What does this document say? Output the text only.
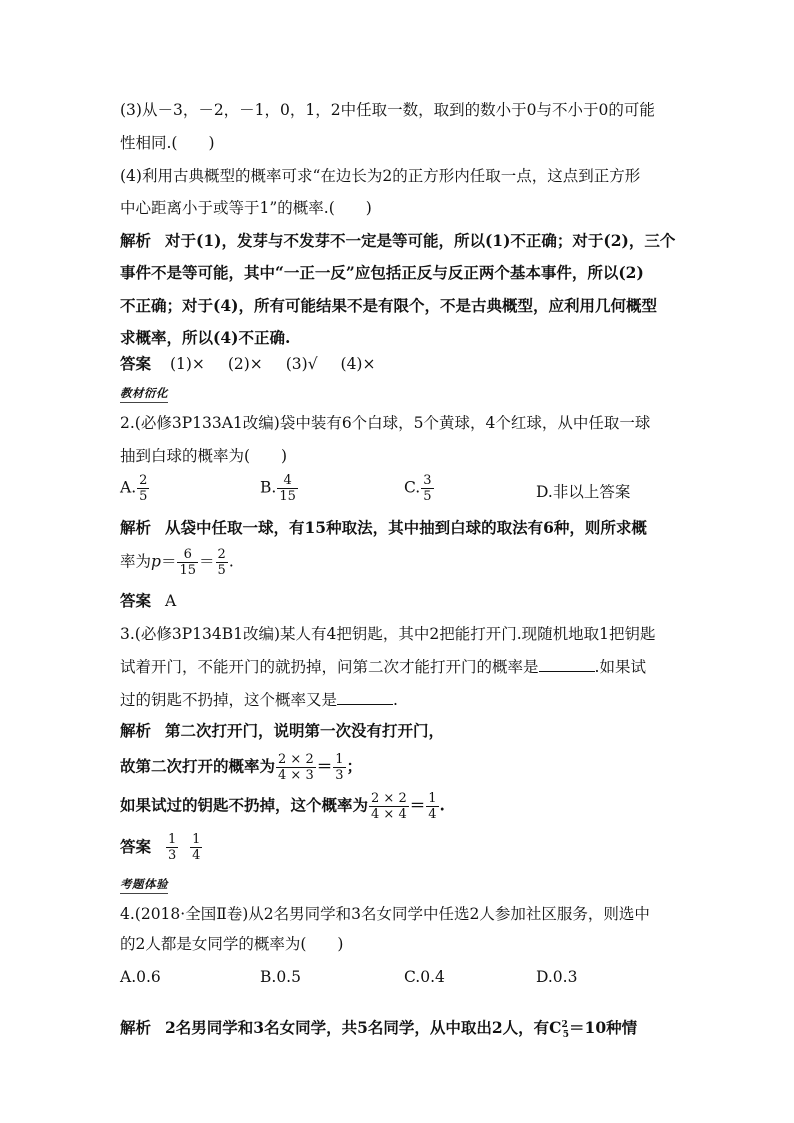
(3)从－3，－2，－1，0，1，2中任取一数，取到的数小于0与不小于0的可能
性相同.(　　)
(4)利用古典概型的概率可求“在边长为2的正方形内任取一点，这点到正方形
中心距离小于或等于1”的概率.(　　)
解析 对于(1)，发芽与不发芽不一定是等可能，所以(1)不正确；对于(2)，三个
事件不是等可能，其中“一正一反”应包括正反与反正两个基本事件，所以(2)
不正确；对于(4)，所有可能结果不是有限个，不是古典概型，应利用几何概型
求概率，所以(4)不正确.
答案 (1)× (2)× (3)√ (4)×
教材衍化
2.(必修3P133A1改编)袋中装有6个白球，5个黄球，4个红球，从中任取一球
抽到白球的概率为(　　)
A. $\frac{2}{5}$	B. $\frac{4}{15}$	C. $\frac{3}{5}$	D.非以上答案
解析 从袋中任取一球，有15种取法，其中抽到白球的取法有6种，则所求概
率为$p= \frac{6}{15} = \frac{2}{5}$ .
答案 A
3.(必修3P134B1改编)某人有4把钥匙，其中2把能打开门.现随机地取1把钥匙
试着开门，不能开门的就扔掉，问第二次才能打开门的概率是	.如果试
过的钥匙不扔掉，这个概率又是	.
解析 第二次打开门，说明第一次没有打开门，
故第二次打开的概率为 $\frac{2 \times 2}{4 \times 3} = \frac{1}{3}$ ；
如果试过的钥匙不扔掉，这个概率为 $\frac{2 \times 2}{4 \times 4} = \frac{1}{4}$ .
答案 $\frac{1}{3}$
$\frac{1}{4}$
考题体验
4.(2018·全国Ⅱ卷)从2名男同学和3名女同学中任选2人参加社区服务，则选中
的2人都是女同学的概率为(　　)
A.0.6	B.0.5	C.0.4	D.0.3
解析 2名男同学和3名女同学，共5名同学，从中取出2人，有$C^2_5=10$种情
